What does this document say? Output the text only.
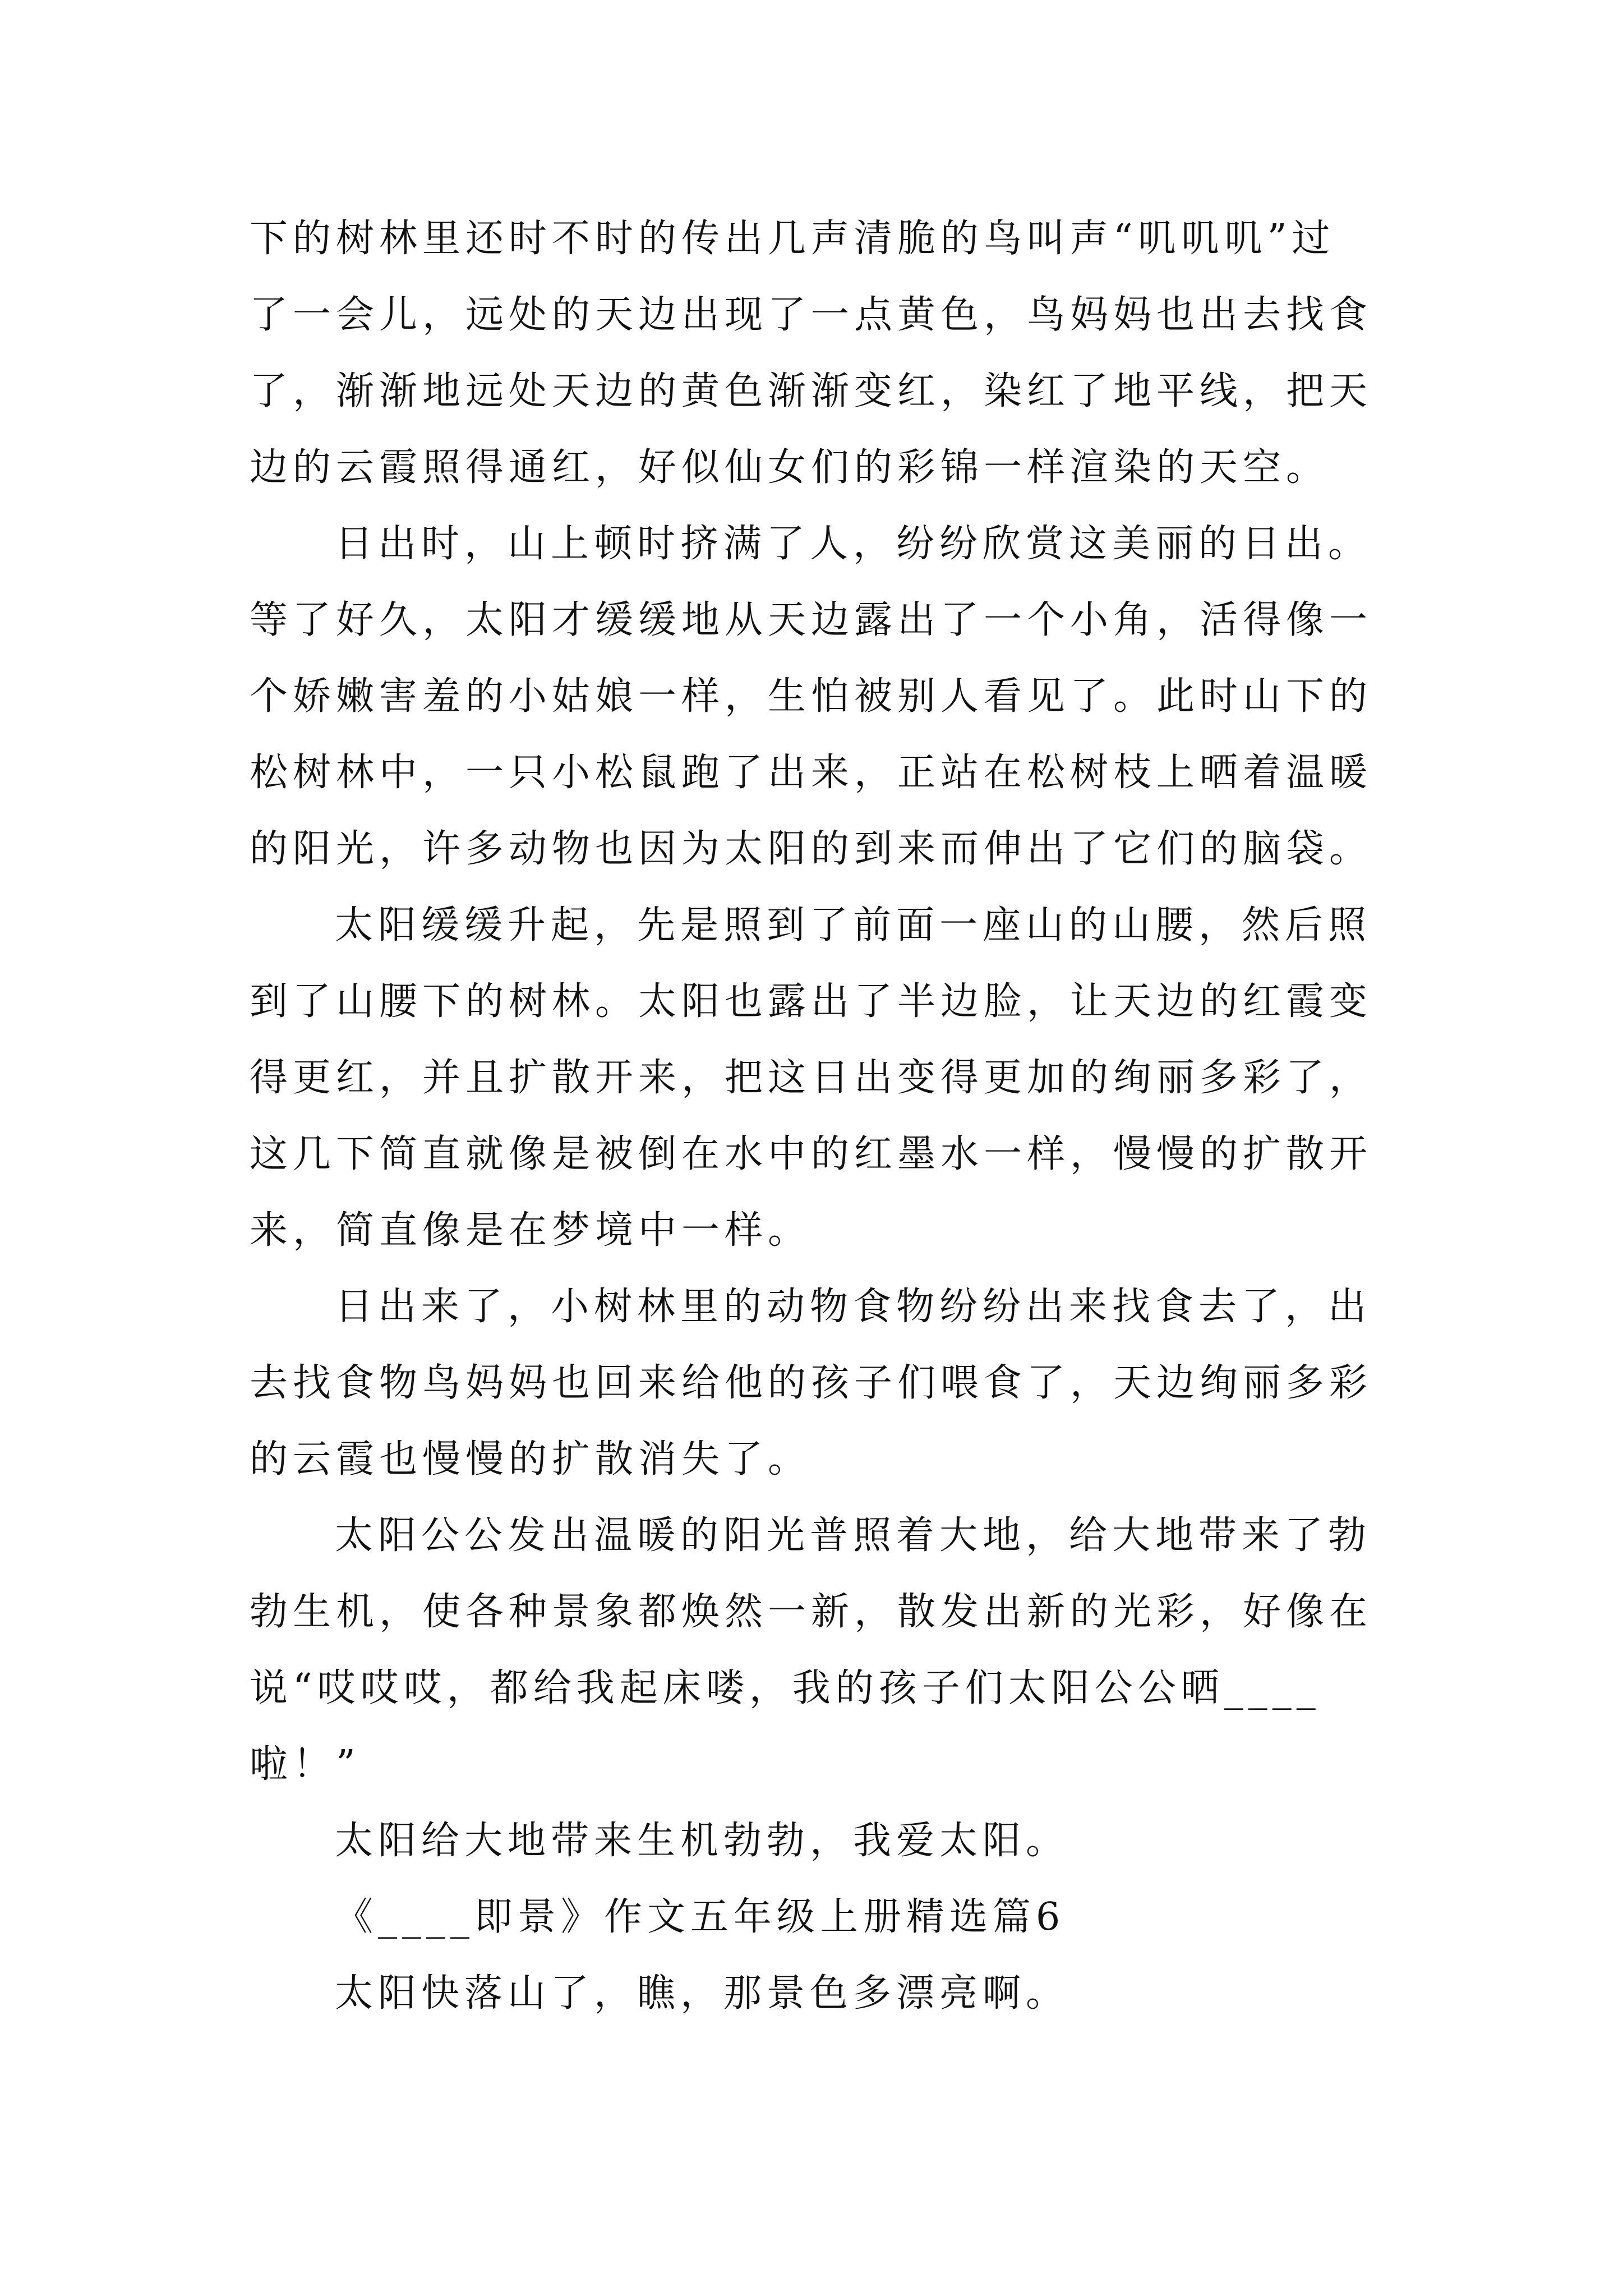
下的树林里还时不时的传出几声清脆的鸟叫声“叽叽叽”过
了一会儿，远处的天边出现了一点黄色，鸟妈妈也出去找食
了，渐渐地远处天边的黄色渐渐变红，染红了地平线，把天
边的云霞照得通红，好似仙女们的彩锦一样渲染的天空。

日出时，山上顿时挤满了人，纷纷欣赏这美丽的日出。
等了好久，太阳才缓缓地从天边露出了一个小角，活得像一
个娇嫩害羞的小姑娘一样，生怕被别人看见了。此时山下的
松树林中，一只小松鼠跑了出来，正站在松树枝上晒着温暖
的阳光，许多动物也因为太阳的到来而伸出了它们的脑袋。

太阳缓缓升起，先是照到了前面一座山的山腰，然后照
到了山腰下的树林。太阳也露出了半边脸，让天边的红霞变
得更红，并且扩散开来，把这日出变得更加的绚丽多彩了，
这几下简直就像是被倒在水中的红墨水一样，慢慢的扩散开
来，简直像是在梦境中一样。

日出来了，小树林里的动物食物纷纷出来找食去了，出
去找食物鸟妈妈也回来给他的孩子们喂食了，天边绚丽多彩
的云霞也慢慢的扩散消失了。

太阳公公发出温暖的阳光普照着大地，给大地带来了勃
勃生机，使各种景象都焕然一新，散发出新的光彩，好像在
说“哎哎哎，都给我起床喽，我的孩子们太阳公公晒____
啦！”

太阳给大地带来生机勃勃，我爱太阳。

《____即景》作文五年级上册精选篇6

太阳快落山了，瞧，那景色多漂亮啊。
